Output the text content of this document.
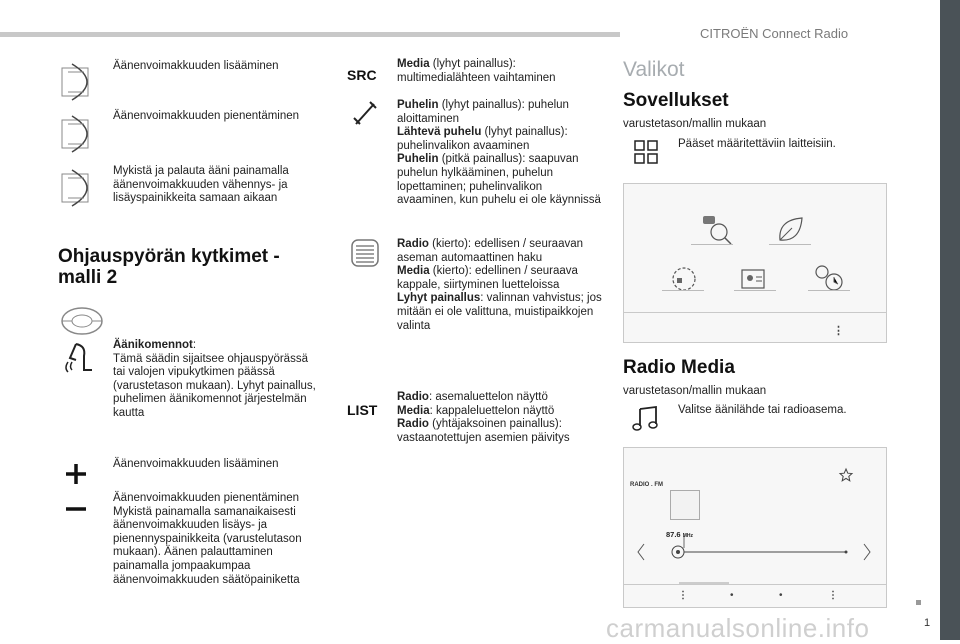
CITROËN Connect Radio
Äänenvoimakkuuden lisääminen
Äänenvoimakkuuden pienentäminen
Mykistä ja palauta ääni painamalla äänenvoimakkuuden vähennys- ja lisäyspainikkeita samaan aikaan
Ohjauspyörän kytkimet - malli 2
Äänikomennot:
Tämä säädin sijaitsee ohjauspyörässä tai valojen vipukytkimen päässä (varustetason mukaan). Lyhyt painallus, puhelimen äänikomennot järjestelmän kautta
Äänenvoimakkuuden lisääminen
Äänenvoimakkuuden pienentäminen Mykistä painamalla samanaikaisesti äänenvoimakkuuden lisäys- ja pienennyspainikkeita (varustelutason mukaan). Äänen palauttaminen painamalla jompaakumpaa äänenvoimakkuuden säätöpainiketta
SRC
Media (lyhyt painallus): multimedialähteen vaihtaminen
Puhelin (lyhyt painallus): puhelun aloittaminen
Lähtevä puhelu (lyhyt painallus): puhelinvalikon avaaminen
Puhelin (pitkä painallus): saapuvan puhelun hylkääminen, puhelun lopettaminen; puhelinvalikon avaaminen, kun puhelu ei ole käynnissä
Radio (kierto): edellisen / seuraavan aseman automaattinen haku
Media (kierto): edellinen / seuraava kappale, siirtyminen luetteloissa
Lyhyt painallus: valinnan vahvistus; jos mitään ei ole valittuna, muistipaikkojen valinta
LIST
Radio: asemaluettelon näyttö
Media: kappaleluettelon näyttö
Radio (yhtäjaksoinen painallus): vastaanotettujen asemien päivitys
Valikot
Sovellukset
varustetason/mallin mukaan
Pääset määritettäviin laitteisiin.
⋮
Radio Media
varustetason/mallin mukaan
Valitse äänilähde tai radioasema.
RADIO . FM
87.6 MHz
⋮	•	•	⋮
1
carmanualsonline.info
